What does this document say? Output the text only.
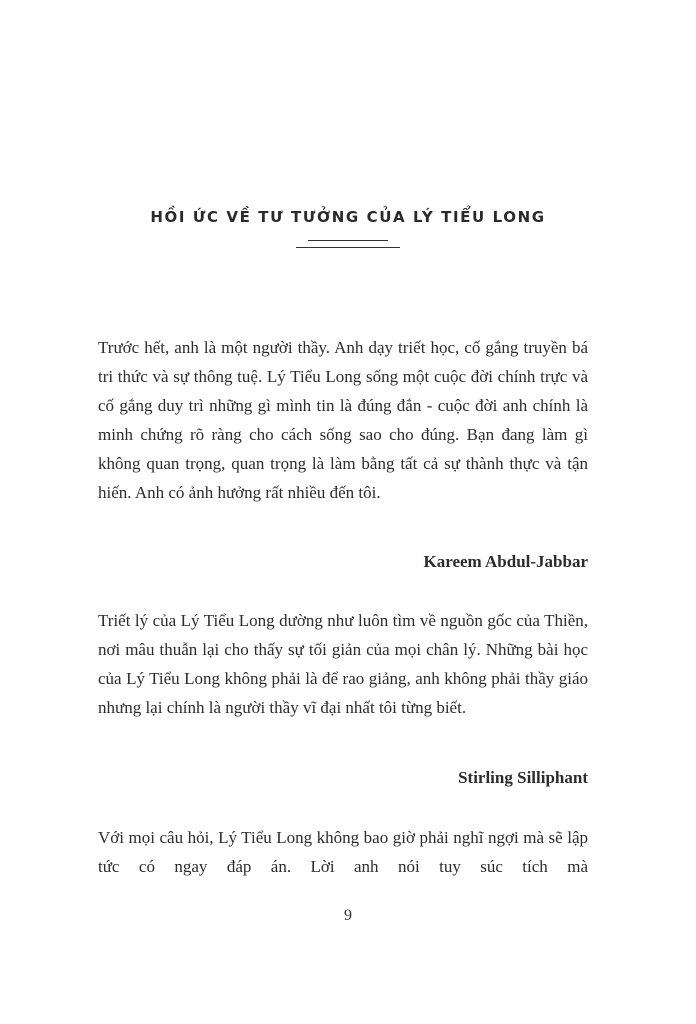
HỒI ỨC VỀ TƯ TƯỞNG CỦA LÝ TIỂU LONG

Trước hết, anh là một người thầy. Anh dạy triết học, cố gắng truyền bá tri thức và sự thông tuệ. Lý Tiểu Long sống một cuộc đời chính trực và cố gắng duy trì những gì mình tin là đúng đắn - cuộc đời anh chính là minh chứng rõ ràng cho cách sống sao cho đúng. Bạn đang làm gì không quan trọng, quan trọng là làm bằng tất cả sự thành thực và tận hiến. Anh có ảnh hưởng rất nhiều đến tôi.

Kareem Abdul-Jabbar

Triết lý của Lý Tiểu Long dường như luôn tìm về nguồn gốc của Thiền, nơi mâu thuẫn lại cho thấy sự tối giản của mọi chân lý. Những bài học của Lý Tiểu Long không phải là để rao giảng, anh không phải thầy giáo nhưng lại chính là người thầy vĩ đại nhất tôi từng biết.

Stirling Silliphant

Với mọi câu hỏi, Lý Tiểu Long không bao giờ phải nghĩ ngợi mà sẽ lập tức có ngay đáp án. Lời anh nói tuy súc tích mà

9
